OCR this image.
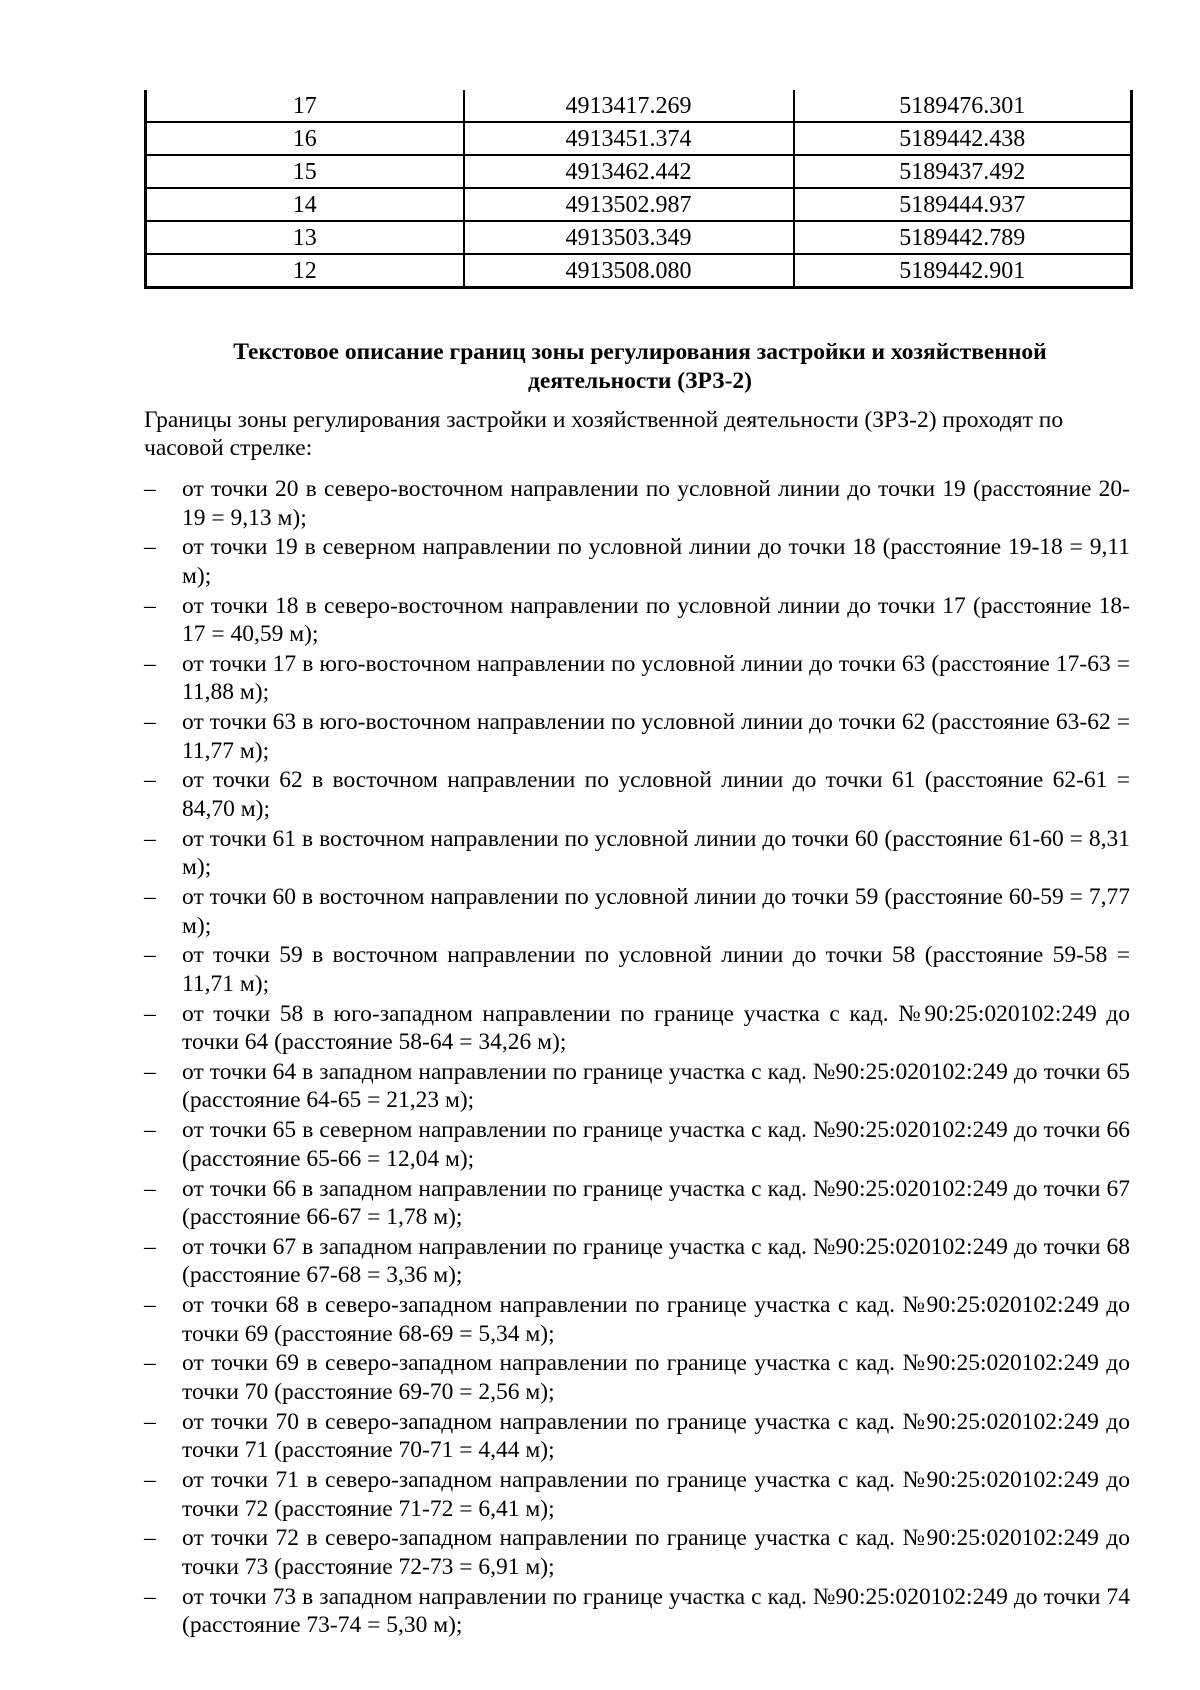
17	4913417.269	5189476.301
16	4913451.374	5189442.438
15	4913462.442	5189437.492
14	4913502.987	5189444.937
13	4913503.349	5189442.789
12	4913508.080	5189442.901
Текстовое описание границ зоны регулирования застройки и хозяйственной
деятельности (ЗРЗ-2)

Границы зоны регулирования застройки и хозяйственной деятельности (ЗРЗ-2) проходят по часовой стрелке:

– от точки 20 в северо-восточном направлении по условной линии до точки 19 (расстояние 20-19 = 9,13 м);
– от точки 19 в северном направлении по условной линии до точки 18 (расстояние 19-18 = 9,11 м);
– от точки 18 в северо-восточном направлении по условной линии до точки 17 (расстояние 18-17 = 40,59 м);
– от точки 17 в юго-восточном направлении по условной линии до точки 63 (расстояние 17-63 = 11,88 м);
– от точки 63 в юго-восточном направлении по условной линии до точки 62 (расстояние 63-62 = 11,77 м);
– от точки 62 в восточном направлении по условной линии до точки 61 (расстояние 62-61 = 84,70 м);
– от точки 61 в восточном направлении по условной линии до точки 60 (расстояние 61-60 = 8,31 м);
– от точки 60 в восточном направлении по условной линии до точки 59 (расстояние 60-59 = 7,77 м);
– от точки 59 в восточном направлении по условной линии до точки 58 (расстояние 59-58 = 11,71 м);
– от точки 58 в юго-западном направлении по границе участка с кад. №90:25:020102:249 до точки 64 (расстояние 58-64 = 34,26 м);
– от точки 64 в западном направлении по границе участка с кад. №90:25:020102:249 до точки 65 (расстояние 64-65 = 21,23 м);
– от точки 65 в северном направлении по границе участка с кад. №90:25:020102:249 до точки 66 (расстояние 65-66 = 12,04 м);
– от точки 66 в западном направлении по границе участка с кад. №90:25:020102:249 до точки 67 (расстояние 66-67 = 1,78 м);
– от точки 67 в западном направлении по границе участка с кад. №90:25:020102:249 до точки 68 (расстояние 67-68 = 3,36 м);
– от точки 68 в северо-западном направлении по границе участка с кад. №90:25:020102:249 до точки 69 (расстояние 68-69 = 5,34 м);
– от точки 69 в северо-западном направлении по границе участка с кад. №90:25:020102:249 до точки 70 (расстояние 69-70 = 2,56 м);
– от точки 70 в северо-западном направлении по границе участка с кад. №90:25:020102:249 до точки 71 (расстояние 70-71 = 4,44 м);
– от точки 71 в северо-западном направлении по границе участка с кад. №90:25:020102:249 до точки 72 (расстояние 71-72 = 6,41 м);
– от точки 72 в северо-западном направлении по границе участка с кад. №90:25:020102:249 до точки 73 (расстояние 72-73 = 6,91 м);
– от точки 73 в западном направлении по границе участка с кад. №90:25:020102:249 до точки 74 (расстояние 73-74 = 5,30 м);
